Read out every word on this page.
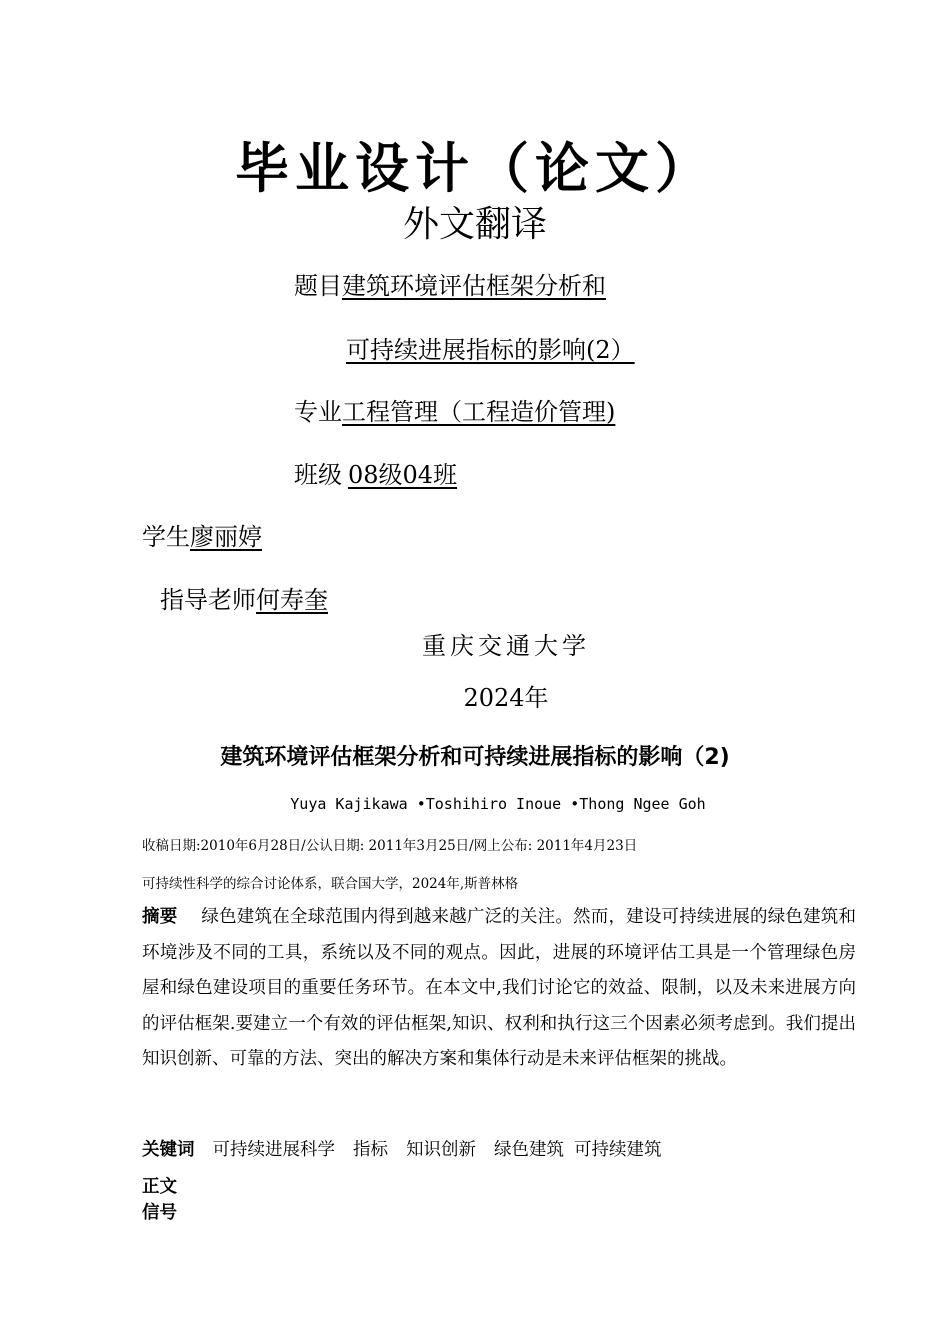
毕业设计（论文）
外文翻译
题目建筑环境评估框架分析和
可持续进展指标的影响(2）
专业工程管理（工程造价管理)
班级 08级04班
学生廖丽婷
指导老师何寿奎
重庆交通大学
2024年
建筑环境评估框架分析和可持续进展指标的影响（2)
Yuya Kajikawa •Toshihiro Inoue •Thong Ngee Goh
收稿日期:2010年6月28日/公认日期: 2011年3月25日/网上公布: 2011年4月23日
可持续性科学的综合讨论体系，联合国大学，2024年,斯普林格
摘要 绿色建筑在全球范围内得到越来越广泛的关注。然而，建设可持续进展的绿色建筑和环境涉及不同的工具，系统以及不同的观点。因此，进展的环境评估工具是一个管理绿色房屋和绿色建设项目的重要任务环节。在本文中,我们讨论它的效益、限制，以及未来进展方向的评估框架.要建立一个有效的评估框架,知识、权利和执行这三个因素必须考虑到。我们提出知识创新、可靠的方法、突出的解决方案和集体行动是未来评估框架的挑战。
关键词 可持续进展科学 指标 知识创新 绿色建筑 可持续建筑
正文
信号
